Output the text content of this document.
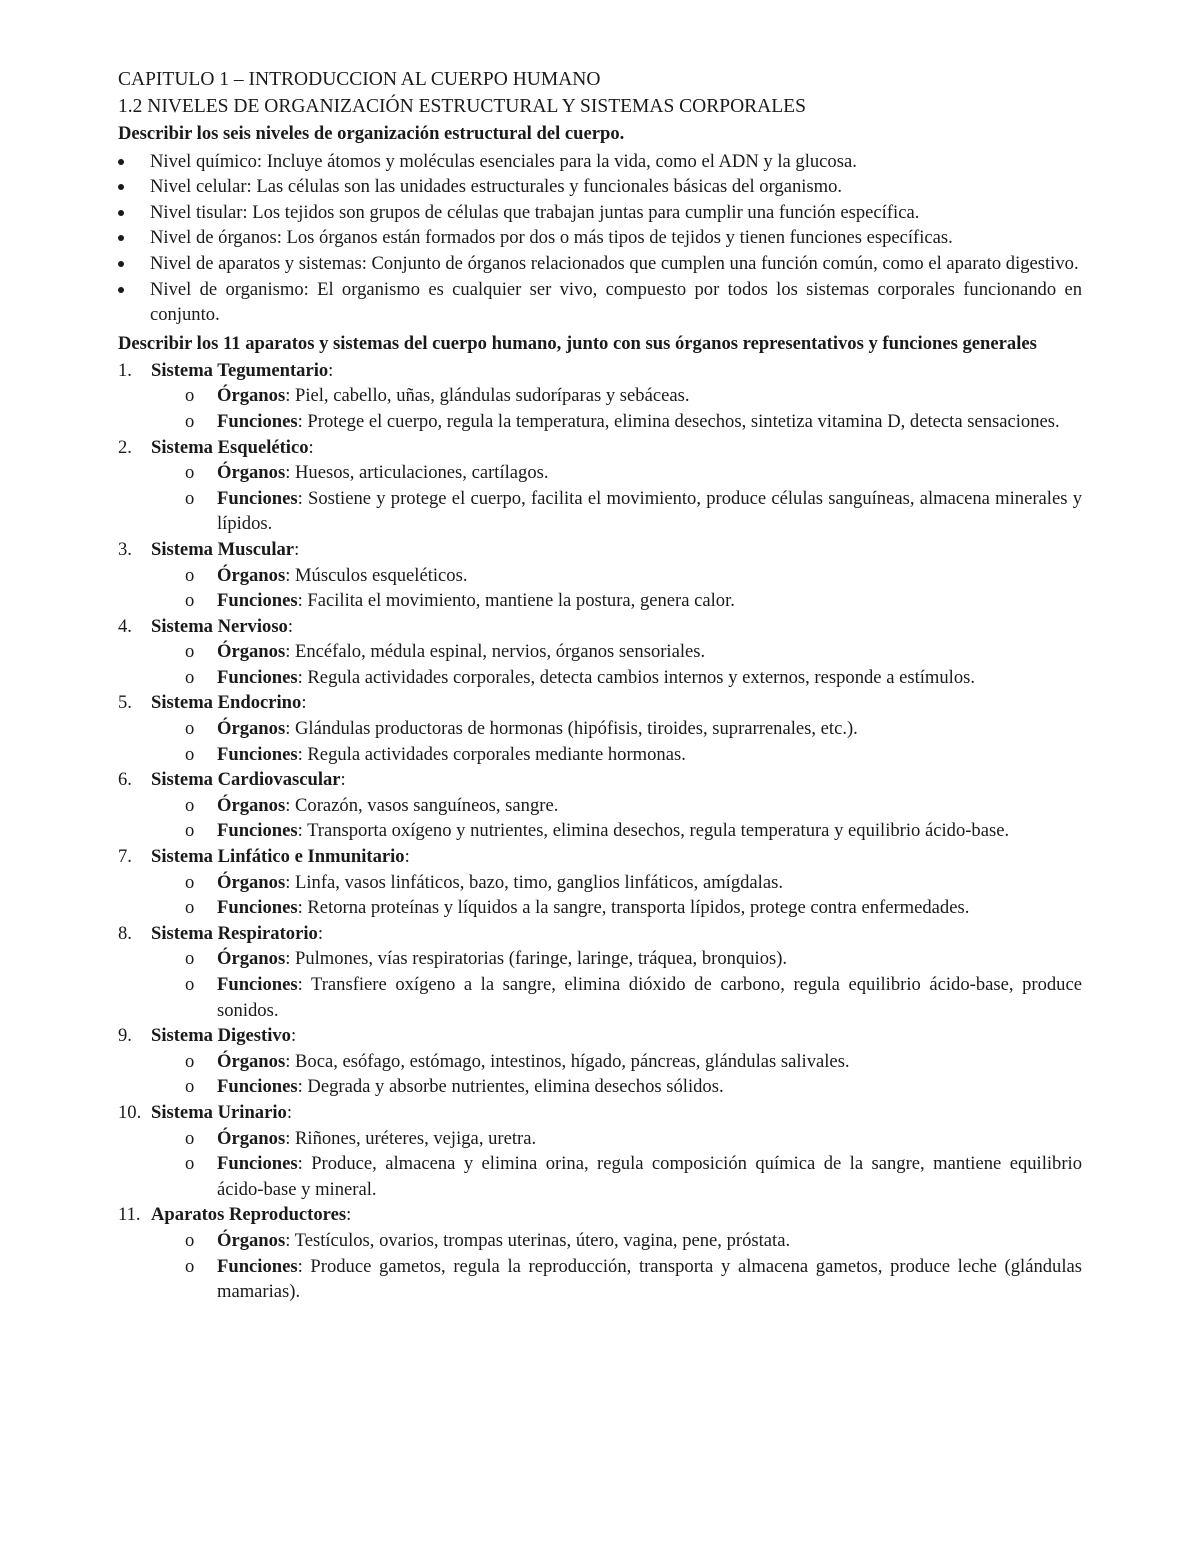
CAPITULO 1 – INTRODUCCION AL CUERPO HUMANO

1.2 NIVELES DE ORGANIZACIÓN ESTRUCTURAL Y SISTEMAS CORPORALES

Describir los seis niveles de organización estructural del cuerpo.

Nivel químico: Incluye átomos y moléculas esenciales para la vida, como el ADN y la glucosa.
Nivel celular: Las células son las unidades estructurales y funcionales básicas del organismo.
Nivel tisular: Los tejidos son grupos de células que trabajan juntas para cumplir una función específica.
Nivel de órganos: Los órganos están formados por dos o más tipos de tejidos y tienen funciones específicas.
Nivel de aparatos y sistemas: Conjunto de órganos relacionados que cumplen una función común, como el aparato digestivo.
Nivel de organismo: El organismo es cualquier ser vivo, compuesto por todos los sistemas corporales funcionando en conjunto.

Describir los 11 aparatos y sistemas del cuerpo humano, junto con sus órganos representativos y funciones generales

1.	Sistema Tegumentario:
o Órganos: Piel, cabello, uñas, glándulas sudoríparas y sebáceas.
o Funciones: Protege el cuerpo, regula la temperatura, elimina desechos, sintetiza vitamina D, detecta sensaciones.
2.	Sistema Esquelético:
o Órganos: Huesos, articulaciones, cartílagos.
o Funciones: Sostiene y protege el cuerpo, facilita el movimiento, produce células sanguíneas, almacena minerales y lípidos.
3.	Sistema Muscular:
o Órganos: Músculos esqueléticos.
o Funciones: Facilita el movimiento, mantiene la postura, genera calor.
4.	Sistema Nervioso:
o Órganos: Encéfalo, médula espinal, nervios, órganos sensoriales.
o Funciones: Regula actividades corporales, detecta cambios internos y externos, responde a estímulos.
5.	Sistema Endocrino:
o Órganos: Glándulas productoras de hormonas (hipófisis, tiroides, suprarrenales, etc.).
o Funciones: Regula actividades corporales mediante hormonas.
6.	Sistema Cardiovascular:
o Órganos: Corazón, vasos sanguíneos, sangre.
o Funciones: Transporta oxígeno y nutrientes, elimina desechos, regula temperatura y equilibrio ácido-base.
7.	Sistema Linfático e Inmunitario:
o Órganos: Linfa, vasos linfáticos, bazo, timo, ganglios linfáticos, amígdalas.
o Funciones: Retorna proteínas y líquidos a la sangre, transporta lípidos, protege contra enfermedades.
8.	Sistema Respiratorio:
o Órganos: Pulmones, vías respiratorias (faringe, laringe, tráquea, bronquios).
o Funciones: Transfiere oxígeno a la sangre, elimina dióxido de carbono, regula equilibrio ácido-base, produce sonidos.
9.	Sistema Digestivo:
o Órganos: Boca, esófago, estómago, intestinos, hígado, páncreas, glándulas salivales.
o Funciones: Degrada y absorbe nutrientes, elimina desechos sólidos.
10. Sistema Urinario:
o Órganos: Riñones, uréteres, vejiga, uretra.
o Funciones: Produce, almacena y elimina orina, regula composición química de la sangre, mantiene equilibrio ácido-base y mineral.
11. Aparatos Reproductores:
o Órganos: Testículos, ovarios, trompas uterinas, útero, vagina, pene, próstata.
o Funciones: Produce gametos, regula la reproducción, transporta y almacena gametos, produce leche (glándulas mamarias).
